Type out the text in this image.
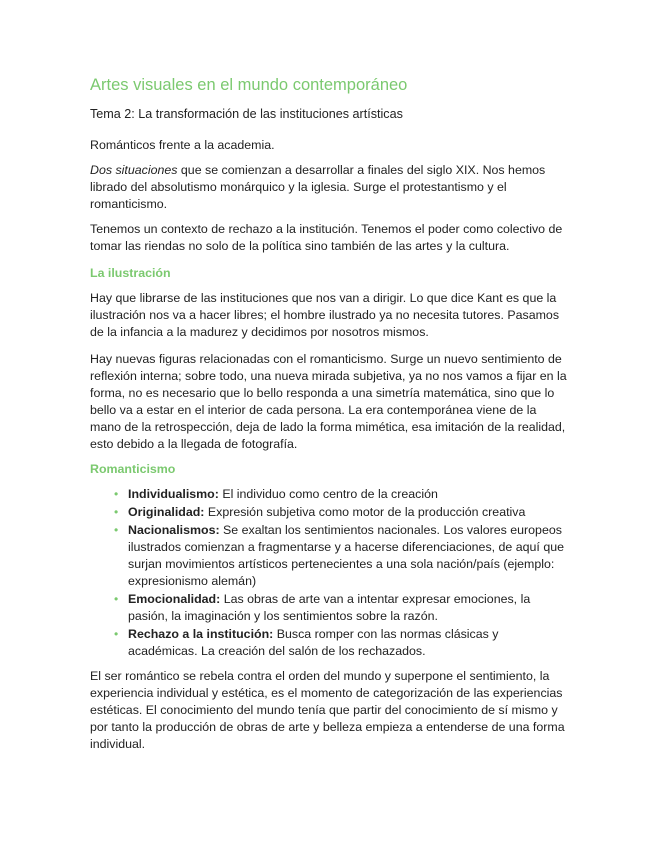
Artes visuales en el mundo contemporáneo

Tema 2: La transformación de las instituciones artísticas

Románticos frente a la academia.

Dos situaciones que se comienzan a desarrollar a finales del siglo XIX. Nos hemos librado del absolutismo monárquico y la iglesia. Surge el protestantismo y el romanticismo.

Tenemos un contexto de rechazo a la institución. Tenemos el poder como colectivo de tomar las riendas no solo de la política sino también de las artes y la cultura.

La ilustración

Hay que librarse de las instituciones que nos van a dirigir. Lo que dice Kant es que la ilustración nos va a hacer libres; el hombre ilustrado ya no necesita tutores. Pasamos de la infancia a la madurez y decidimos por nosotros mismos.

Hay nuevas figuras relacionadas con el romanticismo. Surge un nuevo sentimiento de reflexión interna; sobre todo, una nueva mirada subjetiva, ya no nos vamos a fijar en la forma, no es necesario que lo bello responda a una simetría matemática, sino que lo bello va a estar en el interior de cada persona. La era contemporánea viene de la mano de la retrospección, deja de lado la forma mimética, esa imitación de la realidad, esto debido a la llegada de fotografía.

Romanticismo
• Individualismo: El individuo como centro de la creación
• Originalidad: Expresión subjetiva como motor de la producción creativa
• Nacionalismos: Se exaltan los sentimientos nacionales. Los valores europeos ilustrados comienzan a fragmentarse y a hacerse diferenciaciones, de aquí que surjan movimientos artísticos pertenecientes a una sola nación/país (ejemplo: expresionismo alemán)
• Emocionalidad: Las obras de arte van a intentar expresar emociones, la pasión, la imaginación y los sentimientos sobre la razón.
• Rechazo a la institución: Busca romper con las normas clásicas y académicas. La creación del salón de los rechazados.

El ser romántico se rebela contra el orden del mundo y superpone el sentimiento, la experiencia individual y estética, es el momento de categorización de las experiencias estéticas. El conocimiento del mundo tenía que partir del conocimiento de sí mismo y por tanto la producción de obras de arte y belleza empieza a entenderse de una forma individual.
